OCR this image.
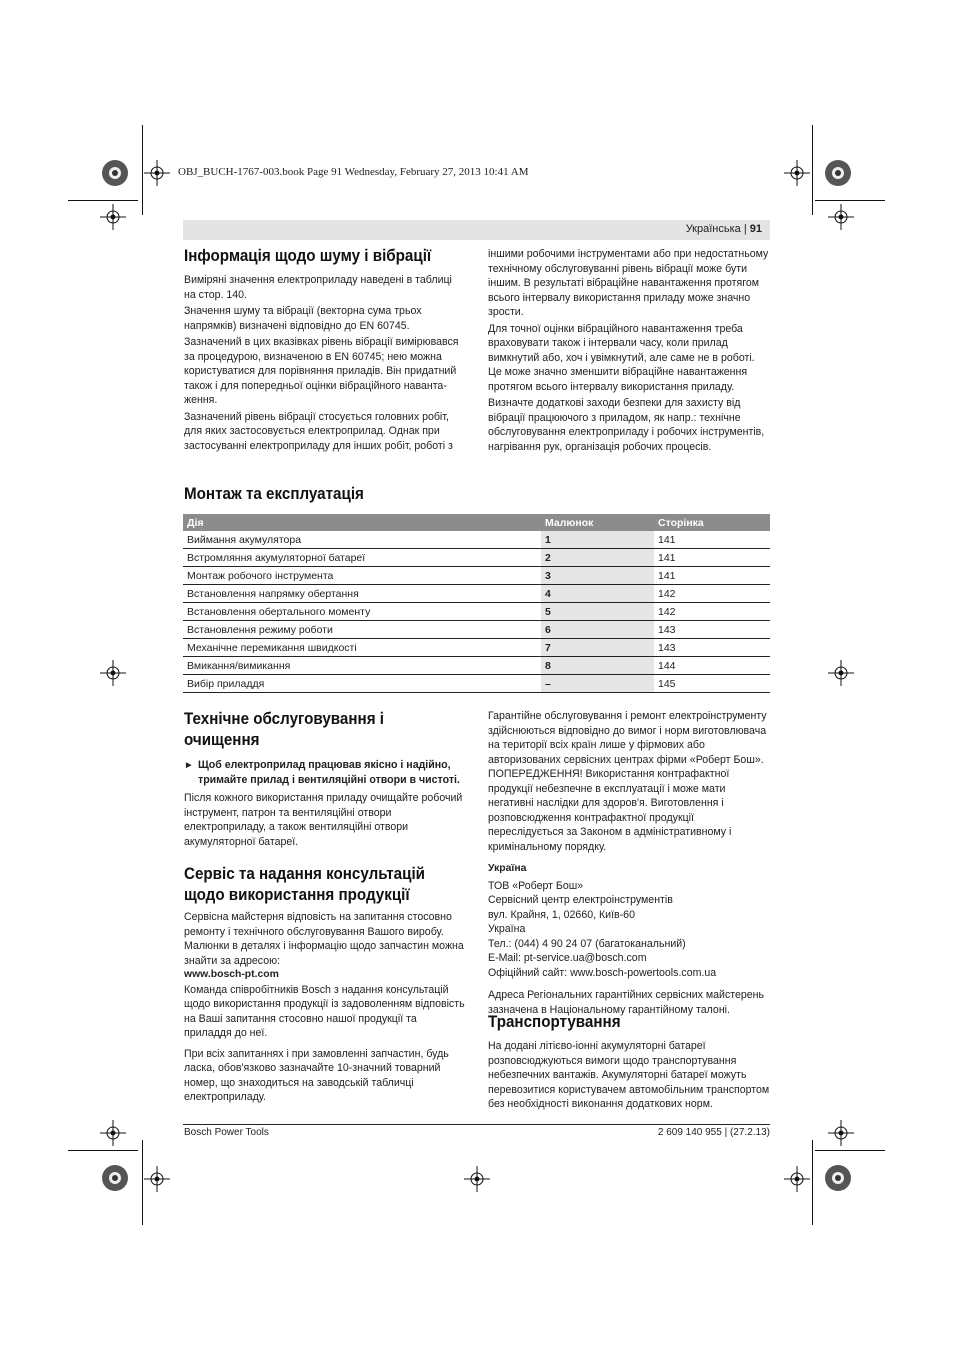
OBJ_BUCH-1767-003.book Page 91 Wednesday, February 27, 2013 10:41 AM
Українська | 91
Інформація щодо шуму і вібрації

Виміряні значення електроприладу наведені в таблиці на стор. 140.

Значення шуму та вібрації (векторна сума трьох напрямків) визначені відповідно до EN 60745.

Зазначений в цих вказівках рівень вібрації вимірювався за процедурою, визначеною в EN 60745; нею можна користуватися для порівняння приладів. Він придатний також і для попередньої оцінки вібраційного наванта-ження.

Зазначений рівень вібрації стосується головних робіт, для яких застосовується електроприлад. Однак при застосуванні електроприладу для інших робіт, роботі з

іншими робочими інструментами або при недостатньому технічному обслуговуванні рівень вібрації може бути іншим. В результаті вібраційне навантаження протягом всього інтервалу використання приладу може значно зрости.

Для точної оцінки вібраційного навантаження треба враховувати також і інтервали часу, коли прилад вимкнутий або, хоч і увімкнутий, але саме не в роботі. Це може значно зменшити вібраційне навантаження протягом всього інтервалу використання приладу.

Визначте додаткові заходи безпеки для захисту від вібрації працюючого з приладом, як напр.: технічне обслуговування електроприладу і робочих інструментів, нагрівання рук, організація робочих процесів.

Монтаж та експлуатація
Дія	Малюнок	Сторінка
Виймання акумулятора	1	141
Встромляння акумуляторної батареї	2	141
Монтаж робочого інструмента	3	141
Встановлення напрямку обертання	4	142
Встановлення обертального моменту	5	142
Встановлення режиму роботи	6	143
Механічне перемикання швидкості	7	143
Вмикання/вимикання	8	144
Вибір приладдя	–	145
Технічне обслуговування і очищення

▶ Щоб електроприлад працював якісно і надійно, тримайте прилад і вентиляційні отвори в чистоті.

Після кожного використання приладу очищайте робочий інструмент, патрон та вентиляційні отвори електроприладу, а також вентиляційні отвори акумуляторної батареї.

Сервіс та надання консультацій щодо використання продукції

Сервісна майстерня відповість на запитання стосовно ремонту і технічного обслуговування Вашого виробу. Малюнки в деталях і інформацію щодо запчастин можна знайти за адресою:

www.bosch-pt.com

Команда співробітників Bosch з надання консультацій щодо використання продукції із задоволенням відповість на Ваші запитання стосовно нашої продукції та приладдя до неї.

При всіх запитаннях і при замовленні запчастин, будь ласка, обов'язково зазначайте 10-значний товарний номер, що знаходиться на заводській табличці електроприладу.

Гарантійне обслуговування і ремонт електроінструменту здійснюються відповідно до вимог і норм виготовлювача на території всіх країн лише у фірмових або авторизованих сервісних центрах фірми «Роберт Бош». ПОПЕРЕДЖЕННЯ! Використання контрафактної продукції небезпечне в експлуатації і може мати негативні наслідки для здоров'я. Виготовлення і розповсюдження контрафактної продукції переслідується за Законом в адміністративному і кримінальному порядку.

Україна

ТОВ «Роберт Бош»
Сервісний центр електроінструментів
вул. Крайня, 1, 02660, Київ-60
Україна
Тел.: (044) 4 90 24 07 (багатоканальний)
E-Mail: pt-service.ua@bosch.com
Офіційний сайт: www.bosch-powertools.com.ua

Адреса Регіональних гарантійних сервісних майстерень зазначена в Національному гарантійному талоні.

Транспортування

На додані літієво-іонні акумуляторні батареї розповсюджуються вимоги щодо транспортування небезпечних вантажів. Акумуляторні батареї можуть перевозитися користувачем автомобільним транспортом без необхідності виконання додаткових норм.

Bosch Power Tools	2 609 140 955 | (27.2.13)
